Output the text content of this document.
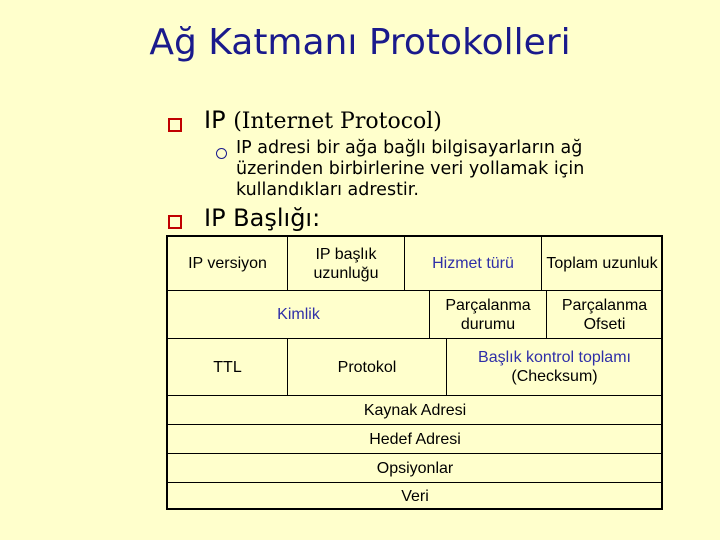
Ağ Katmanı Protokolleri
IP (Internet Protocol)
IP adresi bir ağa bağlı bilgisayarların ağ üzerinden birbirlerine veri yollamak için kullandıkları adrestir.
IP Başlığı:
IP versiyon
IP başlık uzunluğu
Hizmet türü	Toplam uzunluk
Kimlik
Parçalanma durumu
Parçalanma Ofseti
TTL	Protokol
Başlık kontrol toplamı
(Checksum)
Kaynak Adresi
Hedef Adresi
Opsiyonlar
Veri
